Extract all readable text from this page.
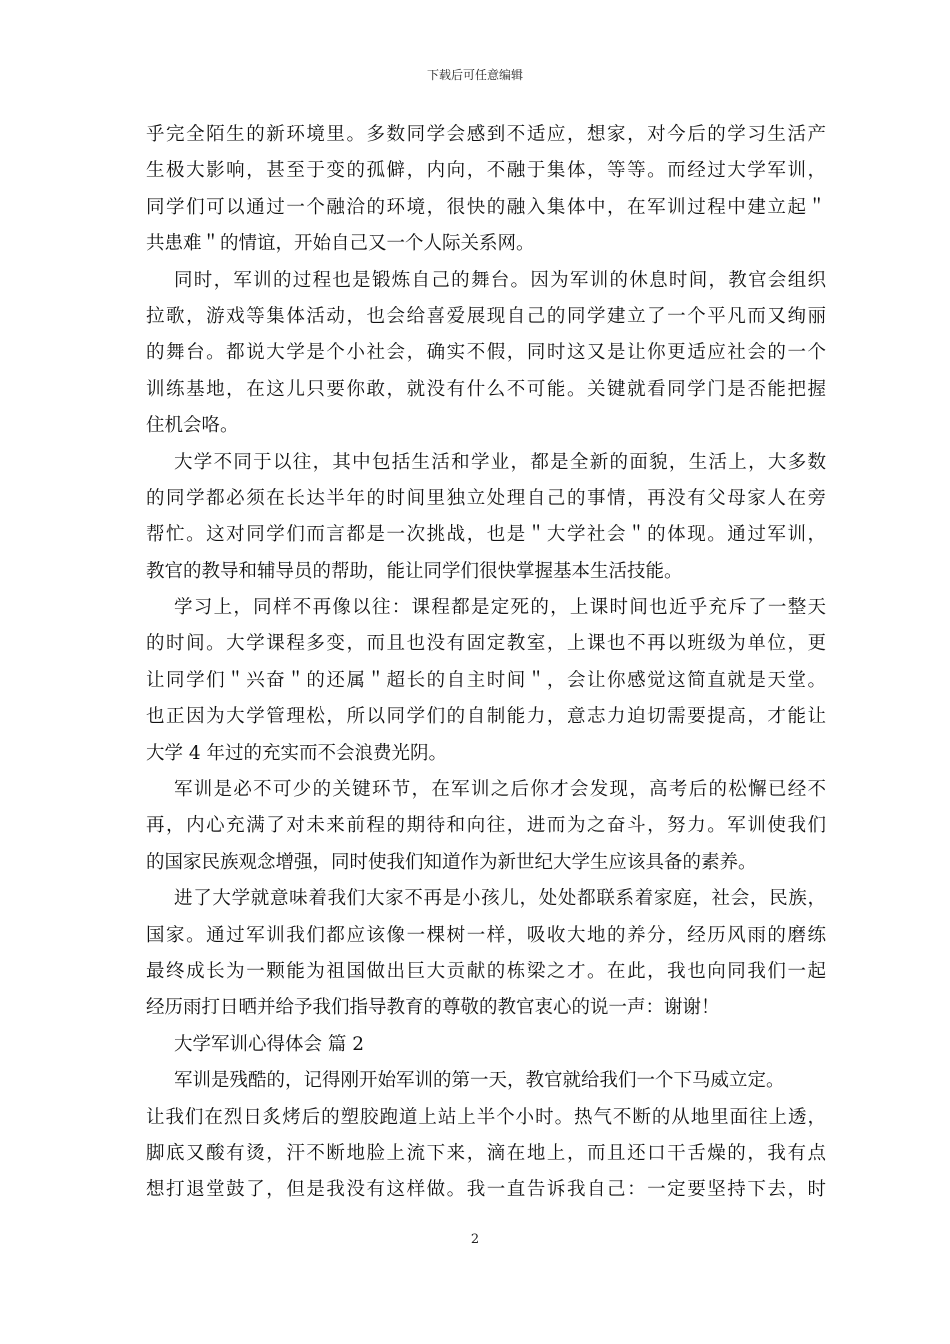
下载后可任意编辑
乎完全陌生的新环境里。多数同学会感到不适应，想家，对今后的学习生活产
生极大影响，甚至于变的孤僻，内向，不融于集体，等等。而经过大学军训，
同学们可以通过一个融洽的环境，很快的融入集体中，在军训过程中建立起＂
共患难＂的情谊，开始自己又一个人际关系网。
同时，军训的过程也是锻炼自己的舞台。因为军训的休息时间，教官会组织
拉歌，游戏等集体活动，也会给喜爱展现自己的同学建立了一个平凡而又绚丽
的舞台。都说大学是个小社会，确实不假，同时这又是让你更适应社会的一个
训练基地，在这儿只要你敢，就没有什么不可能。关键就看同学门是否能把握
住机会咯。
大学不同于以往，其中包括生活和学业，都是全新的面貌，生活上，大多数
的同学都必须在长达半年的时间里独立处理自己的事情，再没有父母家人在旁
帮忙。这对同学们而言都是一次挑战，也是＂大学社会＂的体现。通过军训，
教官的教导和辅导员的帮助，能让同学们很快掌握基本生活技能。
学习上，同样不再像以往：课程都是定死的，上课时间也近乎充斥了一整天
的时间。大学课程多变，而且也没有固定教室，上课也不再以班级为单位，更
让同学们＂兴奋＂的还属＂超长的自主时间＂，会让你感觉这简直就是天堂。
也正因为大学管理松，所以同学们的自制能力，意志力迫切需要提高，才能让
大学 4 年过的充实而不会浪费光阴。
军训是必不可少的关键环节，在军训之后你才会发现，高考后的松懈已经不
再，内心充满了对未来前程的期待和向往，进而为之奋斗，努力。军训使我们
的国家民族观念增强，同时使我们知道作为新世纪大学生应该具备的素养。
进了大学就意味着我们大家不再是小孩儿，处处都联系着家庭，社会，民族，
国家。通过军训我们都应该像一棵树一样，吸收大地的养分，经历风雨的磨练
最终成长为一颗能为祖国做出巨大贡献的栋梁之才。在此，我也向同我们一起
经历雨打日晒并给予我们指导教育的尊敬的教官衷心的说一声：谢谢！
大学军训心得体会 篇 2
军训是残酷的，记得刚开始军训的第一天，教官就给我们一个下马威立定。
让我们在烈日炙烤后的塑胶跑道上站上半个小时。热气不断的从地里面往上透，
脚底又酸有烫，汗不断地脸上流下来，滴在地上，而且还口干舌燥的，我有点
想打退堂鼓了，但是我没有这样做。我一直告诉我自己：一定要坚持下去，时
2
